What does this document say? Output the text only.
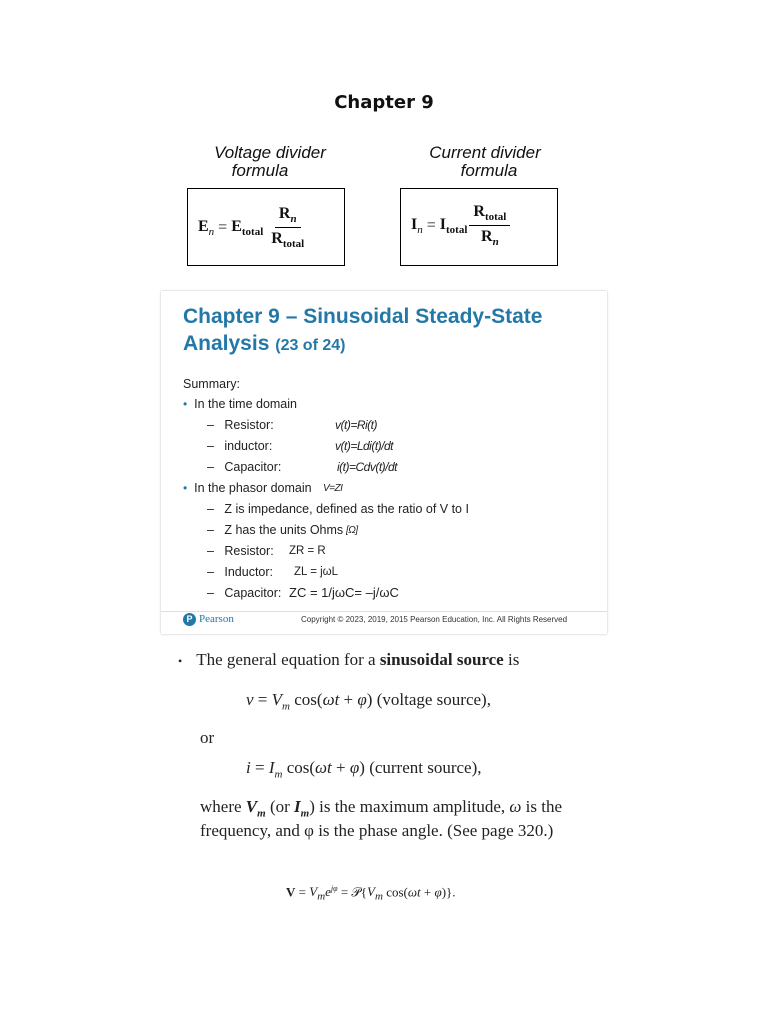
Chapter 9
Voltage divider
formula
$E_n = E_{total} \frac{R_n}{R_{total}}$
Current divider
formula
$I_n = I_{total} \frac{R_{total}}{R_n}$
Chapter 9 – Sinusoidal Steady-State Analysis (23 of 24)
Summary:
• In the time domain
–   Resistor:	v(t)=Ri(t)
–   inductor:	v(t)=Ldi(t)/dt
–   Capacitor:	i(t)=Cdv(t)/dt
• In the phasor domain V=ZI
–   Z is impedance, defined as the ratio of V to I
–   Z has the units Ohms [Ω]
–   Resistor: ZR = R
–   Inductor: ZL = jωL
–   Capacitor: ZC = 1/jωC= –j/ωC
P Pearson	Copyright © 2023, 2019, 2015 Pearson Education, Inc. All Rights Reserved
• The general equation for a sinusoidal source is
$v = V_m$ cos(ωt + φ) (voltage source),
or
$i = I_m$ cos(ωt + φ) (current source),
where $V_m$ (or $I_m$) is the maximum amplitude, ω is the
frequency, and φ is the phase angle. (See page 320.)
$V = V_me^{j\varphi}$ = $𝒫\{V_m$ cos(ωt + φ)}.
